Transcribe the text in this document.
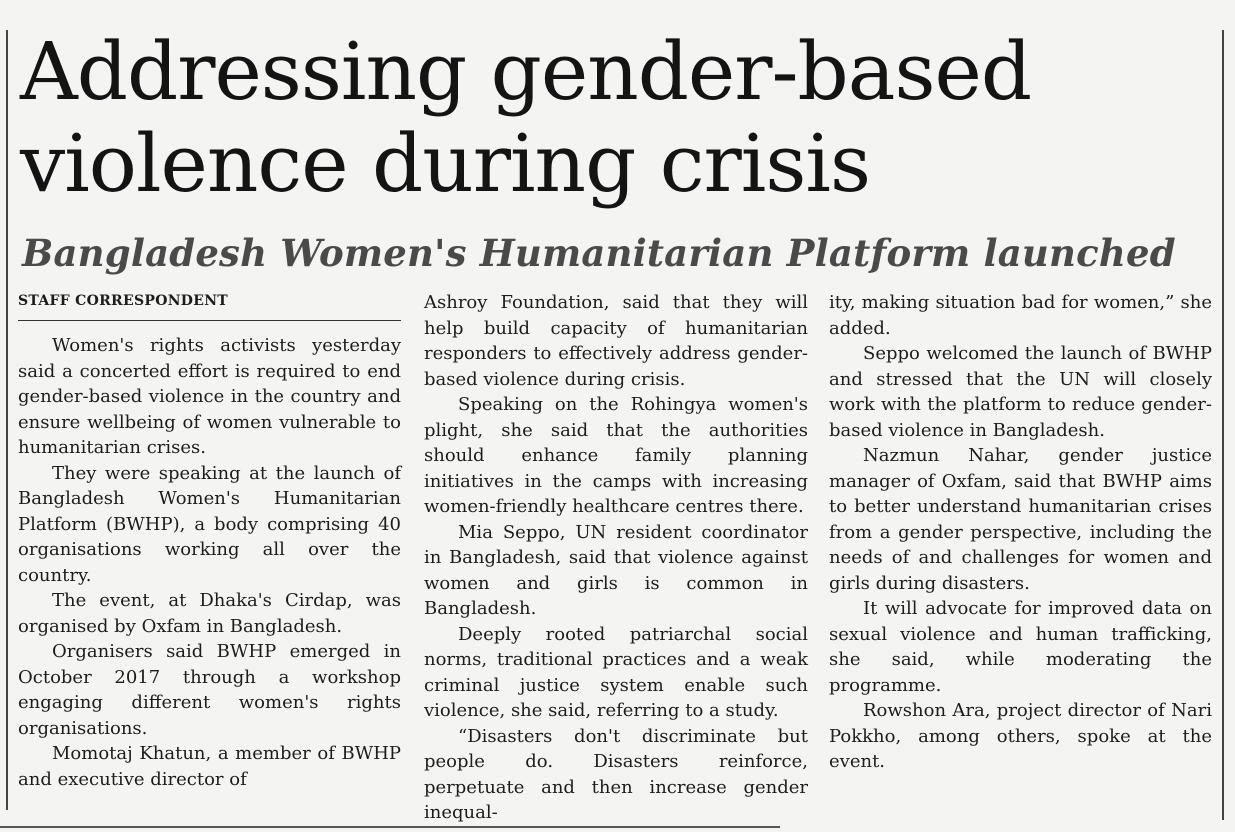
Addressing gender-based violence during crisis
Bangladesh Women's Humanitarian Platform launched
STAFF CORRESPONDENT

Women's rights activists yesterday said a concerted effort is required to end gender-based violence in the country and ensure wellbeing of women vulnerable to humanitarian crises.

They were speaking at the launch of Bangladesh Women's Humanitarian Platform (BWHP), a body comprising 40 organisations working all over the country.

The event, at Dhaka's Cirdap, was organised by Oxfam in Bangladesh.

Organisers said BWHP emerged in October 2017 through a workshop engaging different women's rights organisations.

Momotaj Khatun, a member of BWHP and executive director of

Ashroy Foundation, said that they will help build capacity of humanitarian responders to effectively address gender-based violence during crisis.

Speaking on the Rohingya women's plight, she said that the authorities should enhance family planning initiatives in the camps with increasing women-friendly healthcare centres there.

Mia Seppo, UN resident coordinator in Bangladesh, said that violence against women and girls is common in Bangladesh.

Deeply rooted patriarchal social norms, traditional practices and a weak criminal justice system enable such violence, she said, referring to a study.

“Disasters don't discriminate but people do. Disasters reinforce, perpetuate and then increase gender inequal-

ity, making situation bad for women,” she added.

Seppo welcomed the launch of BWHP and stressed that the UN will closely work with the platform to reduce gender-based violence in Bangladesh.

Nazmun Nahar, gender justice manager of Oxfam, said that BWHP aims to better understand humanitarian crises from a gender perspective, including the needs of and challenges for women and girls during disasters.

It will advocate for improved data on sexual violence and human trafficking, she said, while moderating the programme.

Rowshon Ara, project director of Nari Pokkho, among others, spoke at the event.
